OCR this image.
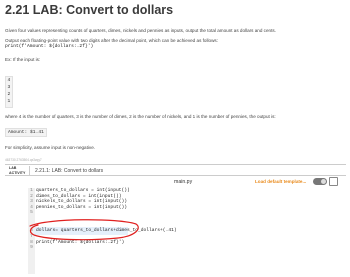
2.21 LAB: Convert to dollars
Given four values representing counts of quarters, dimes, nickels and pennies as inputs, output the total amount as dollars and cents.
Output each floating-point value with two digits after the decimal point, which can be achieved as follows:
print(f'Amount: ${dollars:.2f}')
Ex: If the input is:
4
3
2
1
where 4 is the number of quarters, 3 is the number of dimes, 2 is the number of nickels, and 1 is the number of pennies, the output is:
Amount: $1.41
For simplicity, assume input is non-negative.
463730.2763504.qx3zqy7
LAB
ACTIVITY 2.21.1: LAB: Convert to dollars
main.py	Load default template...
1 quarters_to_dollars = int(input())
2 dimes_to_dollars = int(input())
3 nickels_to_dollars = int(input())
4 pennies_to_dollars = int(input())
5
6 dollars= quarters_to_dollars+dimes_to_dollars+(.41)
7
8 print(f'Amount: ${dollars:.2f}')
9
